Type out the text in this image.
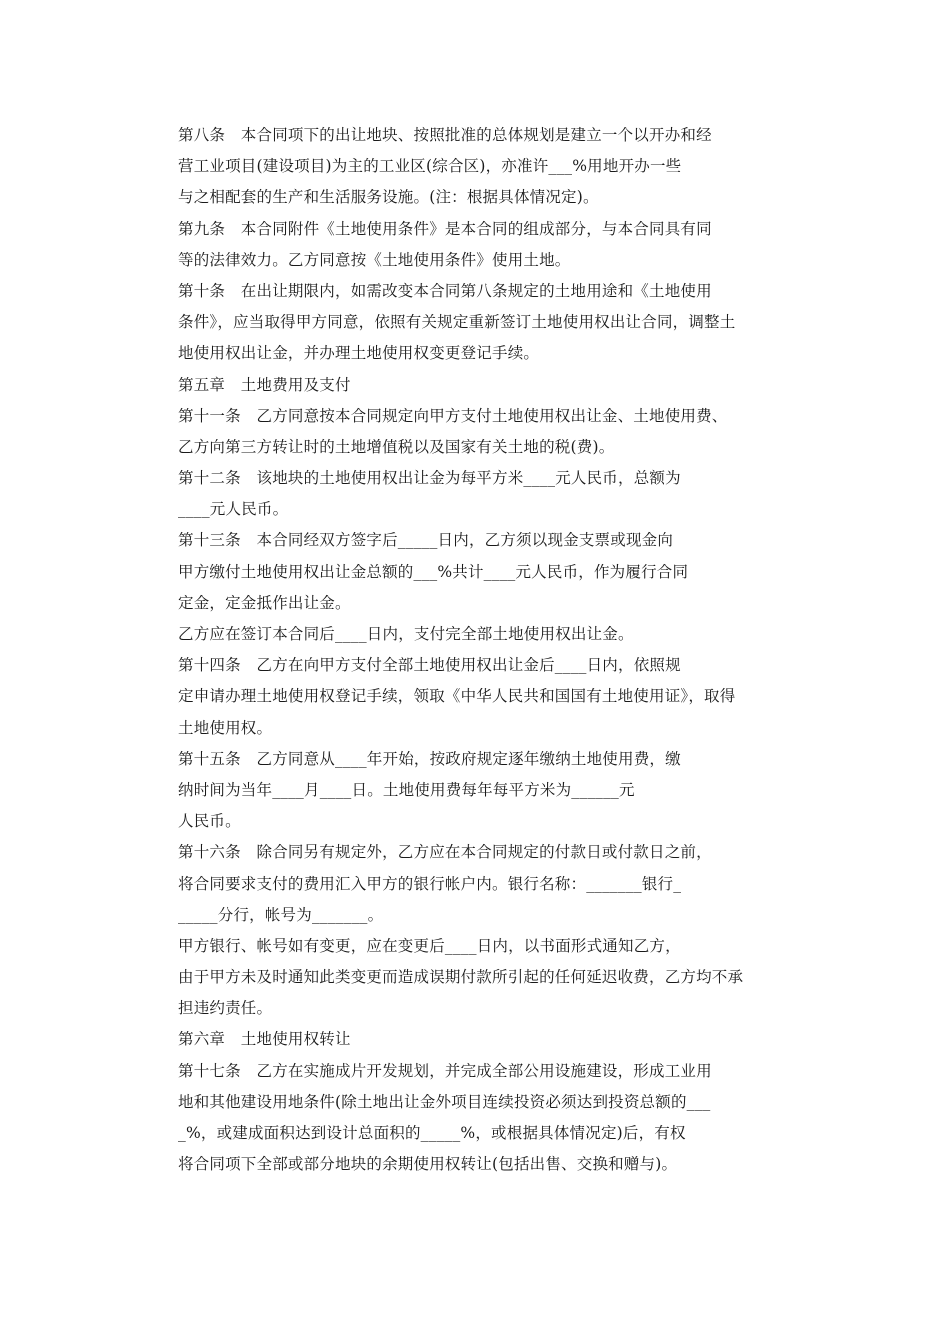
第八条　本合同项下的出让地块、按照批准的总体规划是建立一个以开办和经
营工业项目(建设项目)为主的工业区(综合区)，亦准许___%用地开办一些
与之相配套的生产和生活服务设施。(注：根据具体情况定)。
第九条　本合同附件《土地使用条件》是本合同的组成部分，与本合同具有同
等的法律效力。乙方同意按《土地使用条件》使用土地。
第十条　在出让期限内，如需改变本合同第八条规定的土地用途和《土地使用
条件》，应当取得甲方同意，依照有关规定重新签订土地使用权出让合同，调整土
地使用权出让金，并办理土地使用权变更登记手续。
第五章　土地费用及支付
第十一条　乙方同意按本合同规定向甲方支付土地使用权出让金、土地使用费、
乙方向第三方转让时的土地增值税以及国家有关土地的税(费)。
第十二条　该地块的土地使用权出让金为每平方米____元人民币，总额为
____元人民币。
第十三条　本合同经双方签字后_____日内，乙方须以现金支票或现金向
甲方缴付土地使用权出让金总额的___%共计____元人民币，作为履行合同
定金，定金抵作出让金。
乙方应在签订本合同后____日内，支付完全部土地使用权出让金。
第十四条　乙方在向甲方支付全部土地使用权出让金后____日内，依照规
定申请办理土地使用权登记手续，领取《中华人民共和国国有土地使用证》，取得
土地使用权。
第十五条　乙方同意从____年开始，按政府规定逐年缴纳土地使用费，缴
纳时间为当年____月____日。土地使用费每年每平方米为______元
人民币。
第十六条　除合同另有规定外，乙方应在本合同规定的付款日或付款日之前，
将合同要求支付的费用汇入甲方的银行帐户内。银行名称：_______银行_
_____分行，帐号为_______。
甲方银行、帐号如有变更，应在变更后____日内，以书面形式通知乙方，
由于甲方未及时通知此类变更而造成误期付款所引起的任何延迟收费，乙方均不承
担违约责任。
第六章　土地使用权转让
第十七条　乙方在实施成片开发规划，并完成全部公用设施建设，形成工业用
地和其他建设用地条件(除土地出让金外项目连续投资必须达到投资总额的___
_%，或建成面积达到设计总面积的_____%，或根据具体情况定)后，有权
将合同项下全部或部分地块的余期使用权转让(包括出售、交换和赠与)。
